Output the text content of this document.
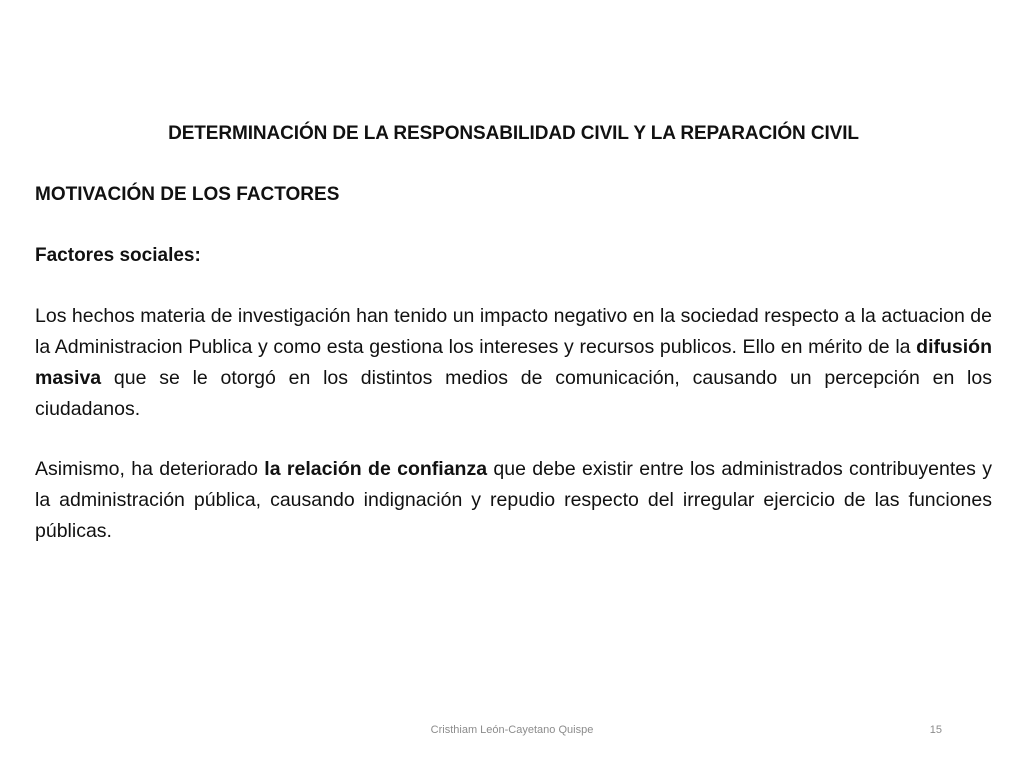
DETERMINACIÓN DE LA RESPONSABILIDAD CIVIL Y LA REPARACIÓN CIVIL

MOTIVACIÓN DE LOS FACTORES

Factores sociales:

Los hechos materia de investigación han tenido un impacto negativo en la sociedad respecto a la actuacion de la Administracion Publica y como esta gestiona los intereses y recursos publicos. Ello en mérito de la difusión masiva que se le otorgó en los distintos medios de comunicación, causando un percepción en los ciudadanos.

Asimismo, ha deteriorado la relación de confianza que debe existir entre los administrados contribuyentes y la administración pública, causando indignación y repudio respecto del irregular ejercicio de las funciones públicas.

Cristhiam León-Cayetano Quispe	15
